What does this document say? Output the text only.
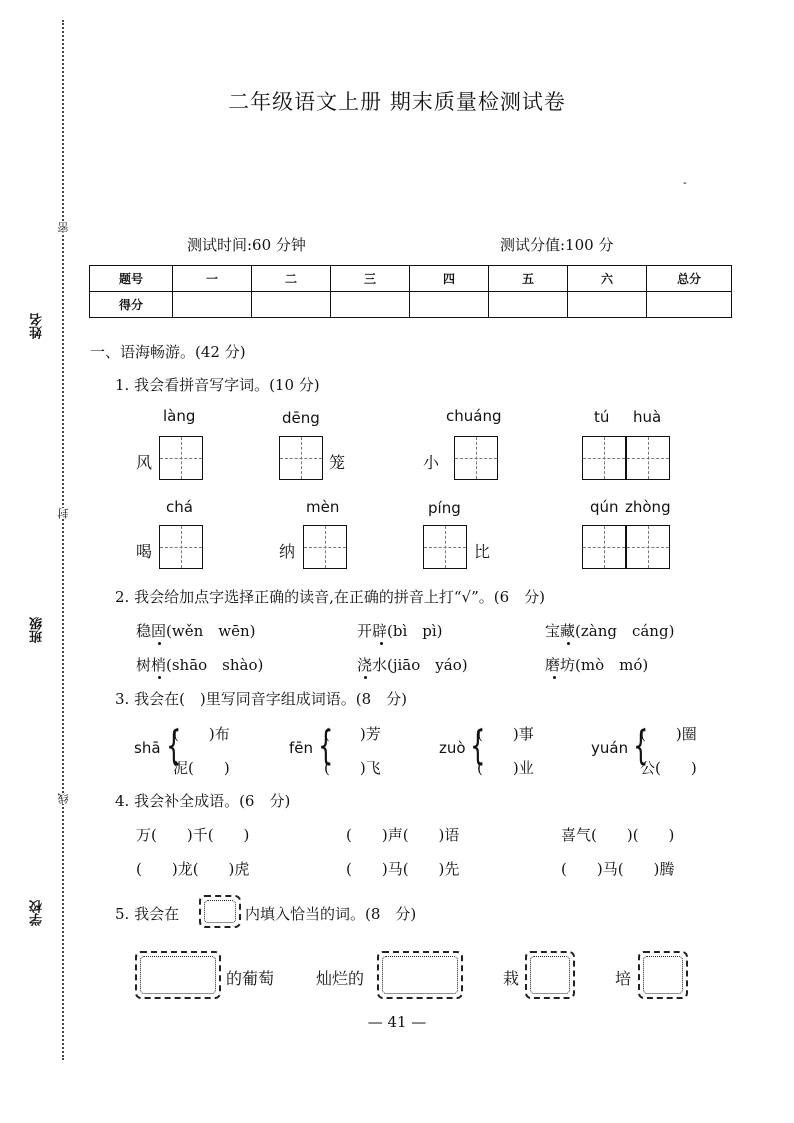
密
姓名
封
班级
线
学校
二年级语文上册 期末质量检测试卷
-
测试时间:60 分钟	测试分值:100 分
题号	一	二	三	四	五	六	总分
得分							
一、语海畅游。(42 分)
1. 我会看拼音写字词。(10 分)
làng	dēng	chuáng	tú huà
风	笼	小
chá	mèn	píng	qún zhòng
喝	纳	比
2. 我会给加点字选择正确的读音,在正确的拼音上打“√”。(6　分)
稳固(wěn　wēn)	开辟(bì　pì)	宝藏(zàng　cáng)
树梢(shāo　shào)	浇水(jiāo　yáo)	磨坊(mò　mó)
3. 我会在(　)里写同音字组成词语。(8　分)
shā {
(　　)布
泥(　　)
fēn {
(　　)芳
(　　)飞
zuò {
(　　)事
(　　)业
yuán {
(　　)圈
公(　　)
4. 我会补全成语。(6　分)
万(　　)千(　　)	(　　)声(　　)语	喜气(　　)(　　)
(　　)龙(　　)虎	(　　)马(　　)先	(　　)马(　　)腾
5. 我会在	内填入恰当的词。(8　分)
的葡萄	灿烂的	栽	培
— 41 —
